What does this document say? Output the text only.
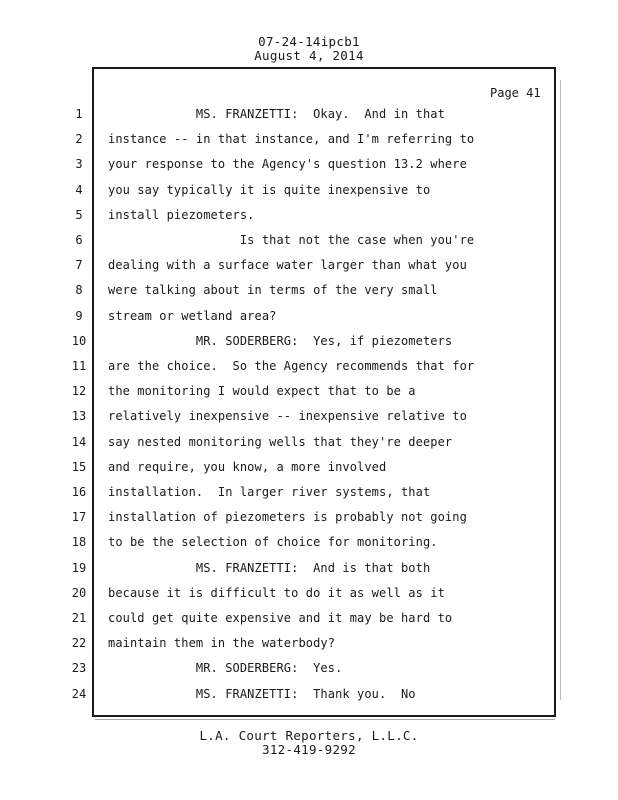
07-24-14ipcb1
August 4, 2014
Page 41
1	MS. FRANZETTI:  Okay.  And in that
2	instance -- in that instance, and I'm referring to
3	your response to the Agency's question 13.2 where
4	you say typically it is quite inexpensive to
5	install piezometers.
6	Is that not the case when you're
7	dealing with a surface water larger than what you
8	were talking about in terms of the very small
9	stream or wetland area?
10	MR. SODERBERG:  Yes, if piezometers
11	are the choice.  So the Agency recommends that for
12	the monitoring I would expect that to be a
13	relatively inexpensive -- inexpensive relative to
14	say nested monitoring wells that they're deeper
15	and require, you know, a more involved
16	installation.  In larger river systems, that
17	installation of piezometers is probably not going
18	to be the selection of choice for monitoring.
19	MS. FRANZETTI:  And is that both
20	because it is difficult to do it as well as it
21	could get quite expensive and it may be hard to
22	maintain them in the waterbody?
23	MR. SODERBERG:  Yes.
24	MS. FRANZETTI:  Thank you.  No
L.A. Court Reporters, L.L.C.
312-419-9292
